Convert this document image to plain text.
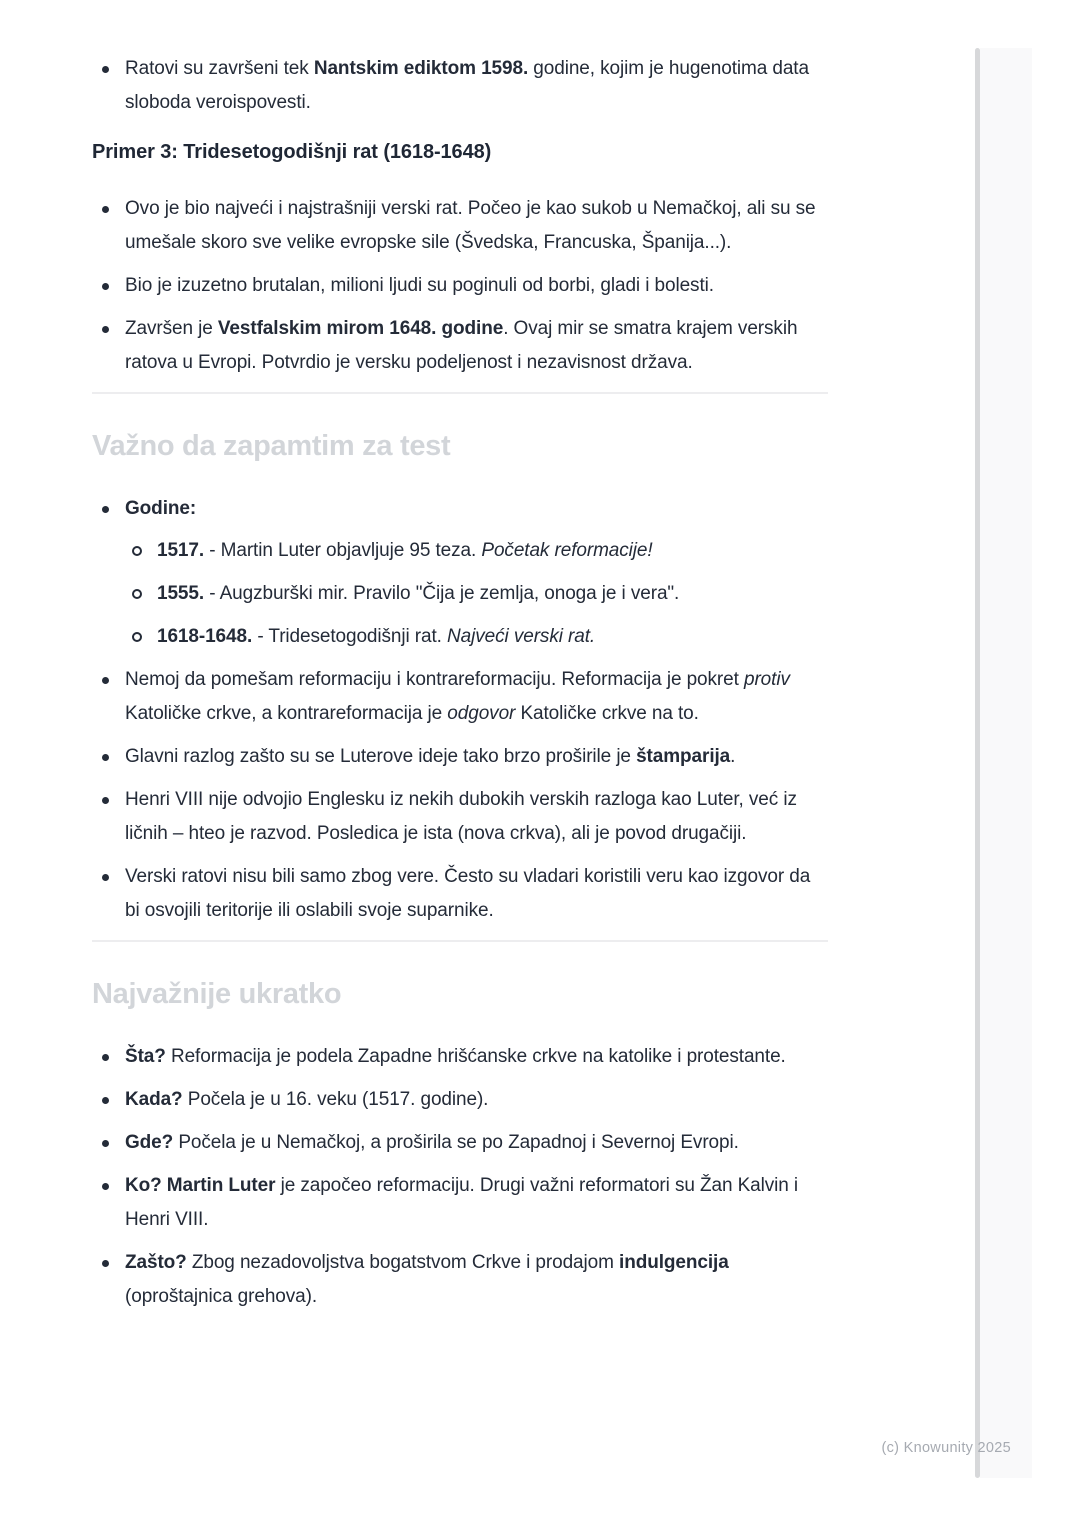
Ratovi su završeni tek Nantskim ediktom 1598. godine, kojim je hugenotima data sloboda veroispovesti.
Primer 3: Tridesetogodišnji rat (1618-1648)
Ovo je bio najveći i najstrašniji verski rat. Počeo je kao sukob u Nemačkoj, ali su se umešale skoro sve velike evropske sile (Švedska, Francuska, Španija...).
Bio je izuzetno brutalan, milioni ljudi su poginuli od borbi, gladi i bolesti.
Završen je Vestfalskim mirom 1648. godine. Ovaj mir se smatra krajem verskih ratova u Evropi. Potvrdio je versku podeljenost i nezavisnost država.
Važno da zapamtim za test
Godine:
1517. - Martin Luter objavljuje 95 teza. Početak reformacije!
1555. - Augzburški mir. Pravilo "Čija je zemlja, onoga je i vera".
1618-1648. - Tridesetogodišnji rat. Najveći verski rat.
Nemoj da pomešam reformaciju i kontrareformaciju. Reformacija je pokret protiv Katoličke crkve, a kontrareformacija je odgovor Katoličke crkve na to.
Glavni razlog zašto su se Luterove ideje tako brzo proširile je štamparija.
Henri VIII nije odvojio Englesku iz nekih dubokih verskih razloga kao Luter, već iz ličnih – hteo je razvod. Posledica je ista (nova crkva), ali je povod drugačiji.
Verski ratovi nisu bili samo zbog vere. Često su vladari koristili veru kao izgovor da bi osvojili teritorije ili oslabili svoje suparnike.
Najvažnije ukratko
Šta? Reformacija je podela Zapadne hrišćanske crkve na katolike i protestante.
Kada? Počela je u 16. veku (1517. godine).
Gde? Počela je u Nemačkoj, a proširila se po Zapadnoj i Severnoj Evropi.
Ko? Martin Luter je započeo reformaciju. Drugi važni reformatori su Žan Kalvin i Henri VIII.
Zašto? Zbog nezadovoljstva bogatstvom Crkve i prodajom indulgencija (oproštajnica grehova).
(c) Knowunity 2025
